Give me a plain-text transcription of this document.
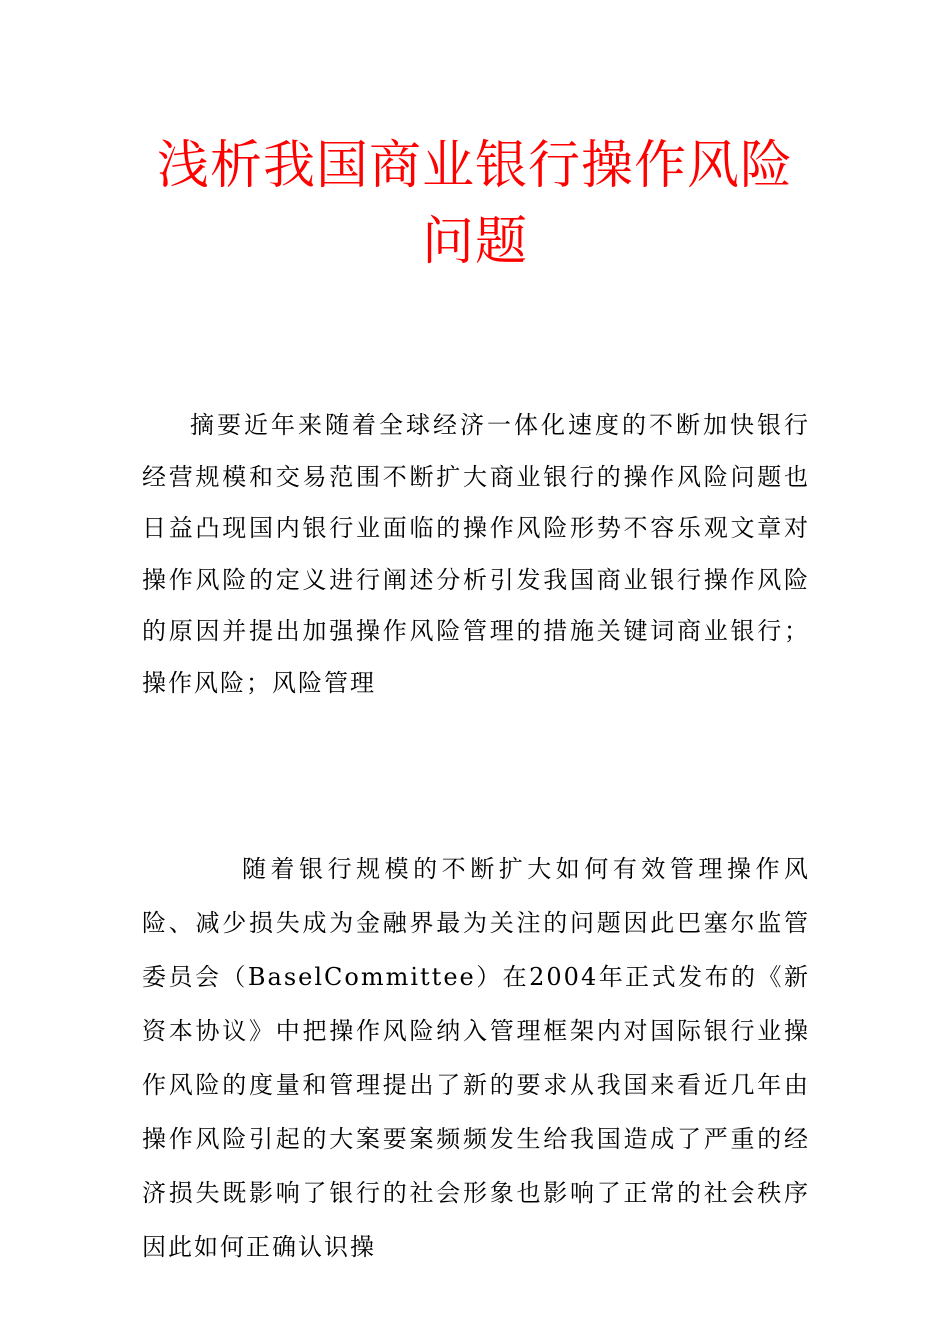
浅析我国商业银行操作风险问题

摘要近年来随着全球经济一体化速度的不断加快银行经营规模和交易范围不断扩大商业银行的操作风险问题也日益凸现国内银行业面临的操作风险形势不容乐观文章对操作风险的定义进行阐述分析引发我国商业银行操作风险的原因并提出加强操作风险管理的措施关键词商业银行；操作风险；风险管理

随着银行规模的不断扩大如何有效管理操作风险、减少损失成为金融界最为关注的问题因此巴塞尔监管委员会（BaselCommittee）在2004年正式发布的《新资本协议》中把操作风险纳入管理框架内对国际银行业操作风险的度量和管理提出了新的要求从我国来看近几年由操作风险引起的大案要案频频发生给我国造成了严重的经济损失既影响了银行的社会形象也影响了正常的社会秩序因此如何正确认识操
